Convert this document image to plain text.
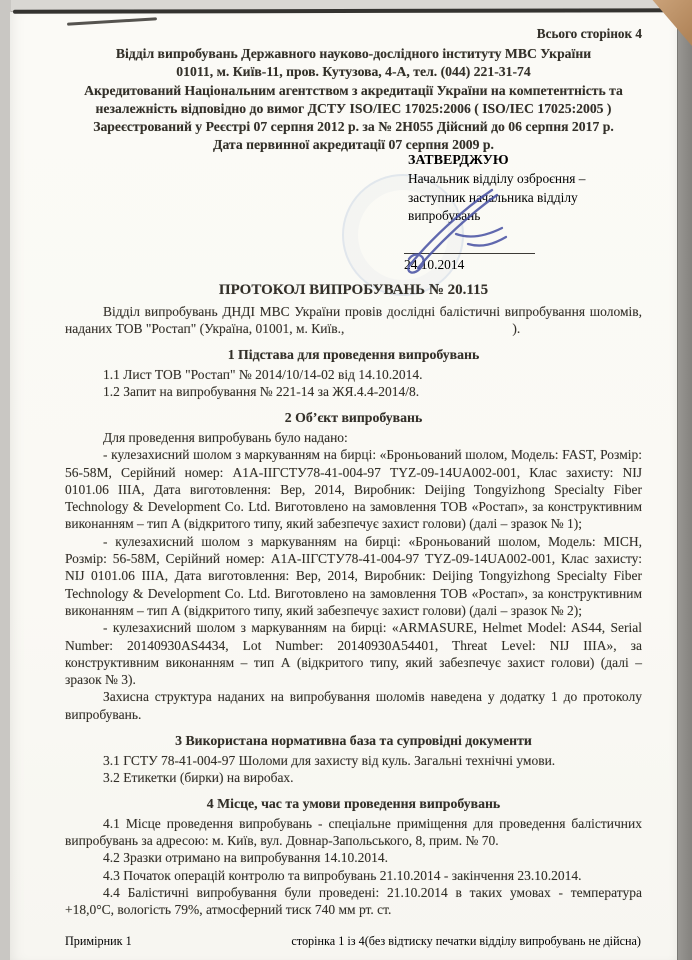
Всього сторінок 4
Відділ випробувань Державного науково-дослідного інституту МВС України
01011, м. Київ-11, пров. Кутузова, 4-А, тел. (044) 221-31-74
Акредитований Національним агентством з акредитації України на компетентність та
незалежність відповідно до вимог ДСТУ ISO/IEC 17025:2006 ( ISO/IEC 17025:2005 )
Зареєстрований у Реєстрі 07 серпня 2012 р. за № 2Н055 Дійсний до 06 серпня 2017 р.
Дата первинної акредитації 07 серпня 2009 р.
ПРОТОКОЛ ВИПРОБУВАНЬ № 20.115

Відділ випробувань ДНДІ МВС України провів дослідні балістичні випробування шоломів, наданих ТОВ "Ростап" (Україна, 01001, м. Київ.,	).

1 Підстава для проведення випробувань

1.1 Лист ТОВ "Ростап" № 2014/10/14-02 від 14.10.2014.

1.2 Запит на випробування № 221-14 за ЖЯ.4.4-2014/8.

2 Об’єкт випробувань

Для проведення випробувань було надано:

- кулезахисний шолом з маркуванням на бирці: «Броньований шолом, Модель: FAST, Розмір: 56-58М, Серійний номер: А1А-ІІГСТУ78-41-004-97 TYZ-09-14UA002-001, Клас захисту: NIJ 0101.06 ІІІА, Дата виготовлення: Вер, 2014, Виробник: Deijing Tongyizhong Specialty Fiber Technology & Development Co. Ltd. Виготовлено на замовлення ТОВ «Ростап», за конструктивним виконанням – тип А (відкритого типу, який забезпечує захист голови) (далі – зразок № 1);

- кулезахисний шолом з маркуванням на бирці: «Броньований шолом, Модель: MICH, Розмір: 56-58М, Серійний номер: А1А-ІІГСТУ78-41-004-97 TYZ-09-14UA002-001, Клас захисту: NIJ 0101.06 ІІІА, Дата виготовлення: Вер, 2014, Виробник: Deijing Tongyizhong Specialty Fiber Technology & Development Co. Ltd. Виготовлено на замовлення ТОВ «Ростап», за конструктивним виконанням – тип А (відкритого типу, який забезпечує захист голови) (далі – зразок № 2);

- кулезахисний шолом з маркуванням на бирці: «ARMASURE, Helmet Model: AS44, Serial Number: 20140930AS4434, Lot Number: 20140930A54401, Threat Level: NIJ ІІІА», за конструктивним виконанням – тип А (відкритого типу, який забезпечує захист голови) (далі – зразок № 3).

Захисна структура наданих на випробування шоломів наведена у додатку 1 до протоколу випробувань.

3 Використана нормативна база та супровідні документи

3.1 ГСТУ 78-41-004-97 Шоломи для захисту від куль. Загальні технічні умови.

3.2 Етикетки (бирки) на виробах.

4 Місце, час та умови проведення випробувань

4.1 Місце проведення випробувань - спеціальне приміщення для проведення балістичних випробувань за адресою: м. Київ, вул. Довнар-Запольського, 8, прим. № 70.

4.2 Зразки отримано на випробування 14.10.2014.

4.3 Початок операцій контролю та випробувань 21.10.2014 - закінчення 23.10.2014.

4.4 Балістичні випробування були проведені: 21.10.2014 в таких умовах - температура +18,0°С, вологість 79%, атмосферний тиск 740 мм рт. ст.

ЗАТВЕРДЖУЮ
Начальник відділу озброєння –
заступник начальника відділу
випробувань
24.10.2014
Примірник 1	сторінка 1 із 4(без відтиску печатки відділу випробувань не дійсна)
